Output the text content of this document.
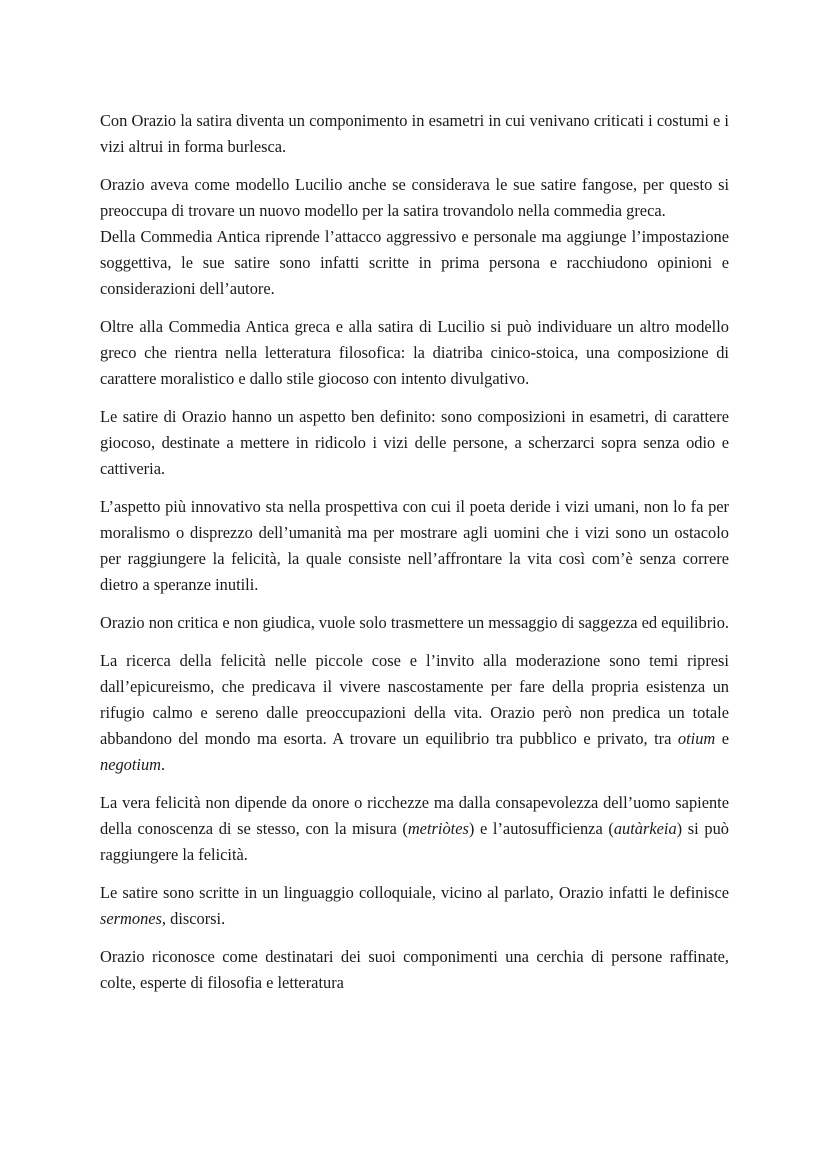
Con Orazio la satira diventa un componimento in esametri in cui venivano criticati i costumi e i vizi altrui in forma burlesca.

Orazio aveva come modello Lucilio anche se considerava le sue satire fangose, per questo si preoccupa di trovare un nuovo modello per la satira trovandolo nella commedia greca.

Della Commedia Antica riprende l’attacco aggressivo e personale ma aggiunge l’impostazione soggettiva, le sue satire sono infatti scritte in prima persona e racchiudono opinioni e considerazioni dell’autore.

Oltre alla Commedia Antica greca e alla satira di Lucilio si può individuare un altro modello greco che rientra nella letteratura filosofica: la diatriba cinico-stoica, una composizione di carattere moralistico e dallo stile giocoso con intento divulgativo.

Le satire di Orazio hanno un aspetto ben definito: sono composizioni in esametri, di carattere giocoso, destinate a mettere in ridicolo i vizi delle persone, a scherzarci sopra senza odio e cattiveria.

L’aspetto più innovativo sta nella prospettiva con cui il poeta deride i vizi umani, non lo fa per moralismo o disprezzo dell’umanità ma per mostrare agli uomini che i vizi sono un ostacolo per raggiungere la felicità, la quale consiste nell’affrontare la vita così com’è senza correre dietro a speranze inutili.

Orazio non critica e non giudica, vuole solo trasmettere un messaggio di saggezza ed equilibrio.

La ricerca della felicità nelle piccole cose e l’invito alla moderazione sono temi ripresi dall’epicureismo, che predicava il vivere nascostamente per fare della propria esistenza un rifugio calmo e sereno dalle preoccupazioni della vita. Orazio però non predica un totale abbandono del mondo ma esorta. A trovare un equilibrio tra pubblico e privato, tra otium e negotium.

La vera felicità non dipende da onore o ricchezze ma dalla consapevolezza dell’uomo sapiente della conoscenza di se stesso, con la misura (metriòtes) e l’autosufficienza (autàrkeia) si può raggiungere la felicità.

Le satire sono scritte in un linguaggio colloquiale, vicino al parlato, Orazio infatti le definisce sermones, discorsi.

Orazio riconosce come destinatari dei suoi componimenti una cerchia di persone raffinate, colte, esperte di filosofia e letteratura
